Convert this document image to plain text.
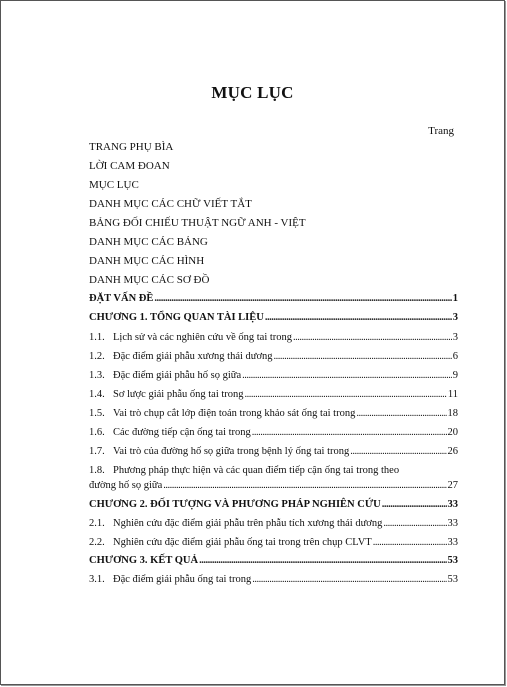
MỤC LỤC
Trang
TRANG PHỤ BÌA
LỜI CAM ĐOAN
MỤC LỤC
DANH MỤC CÁC CHỮ VIẾT TẮT
BẢNG ĐỐI CHIẾU THUẬT NGỮ ANH - VIỆT
DANH MỤC CÁC BẢNG
DANH MỤC CÁC HÌNH
DANH MỤC CÁC SƠ ĐỒ
ĐẶT VẤN ĐỀ .....	1
CHƯƠNG 1. TỔNG QUAN TÀI LIỆU .....	3
1.1. Lịch sử và các nghiên cứu về ống tai trong .....	3
1.2. Đặc điểm giải phẫu xương thái dương .....	6
1.3. Đặc điểm giải phẫu hố sọ giữa .....	9
1.4. Sơ lược giải phẫu ống tai trong .....	11
1.5. Vai trò chụp cắt lớp điện toán trong khảo sát ống tai trong .....	18
1.6. Các đường tiếp cận ống tai trong .....	20
1.7. Vai trò của đường hố sọ giữa trong bệnh lý ống tai trong .....	26
1.8. Phương pháp thực hiện và các quan điểm tiếp cận ống tai trong theo
đường hố sọ giữa .....	27
CHƯƠNG 2. ĐỐI TƯỢNG VÀ PHƯƠNG PHÁP NGHIÊN CỨU .....	33
2.1. Nghiên cứu đặc điểm giải phẫu trên phẫu tích xương thái dương .....	33
2.2. Nghiên cứu đặc điểm giải phẫu ống tai trong trên chụp CLVT .....	33
CHƯƠNG 3. KẾT QUẢ .....	53
3.1. Đặc điểm giải phẫu ống tai trong .....	53
